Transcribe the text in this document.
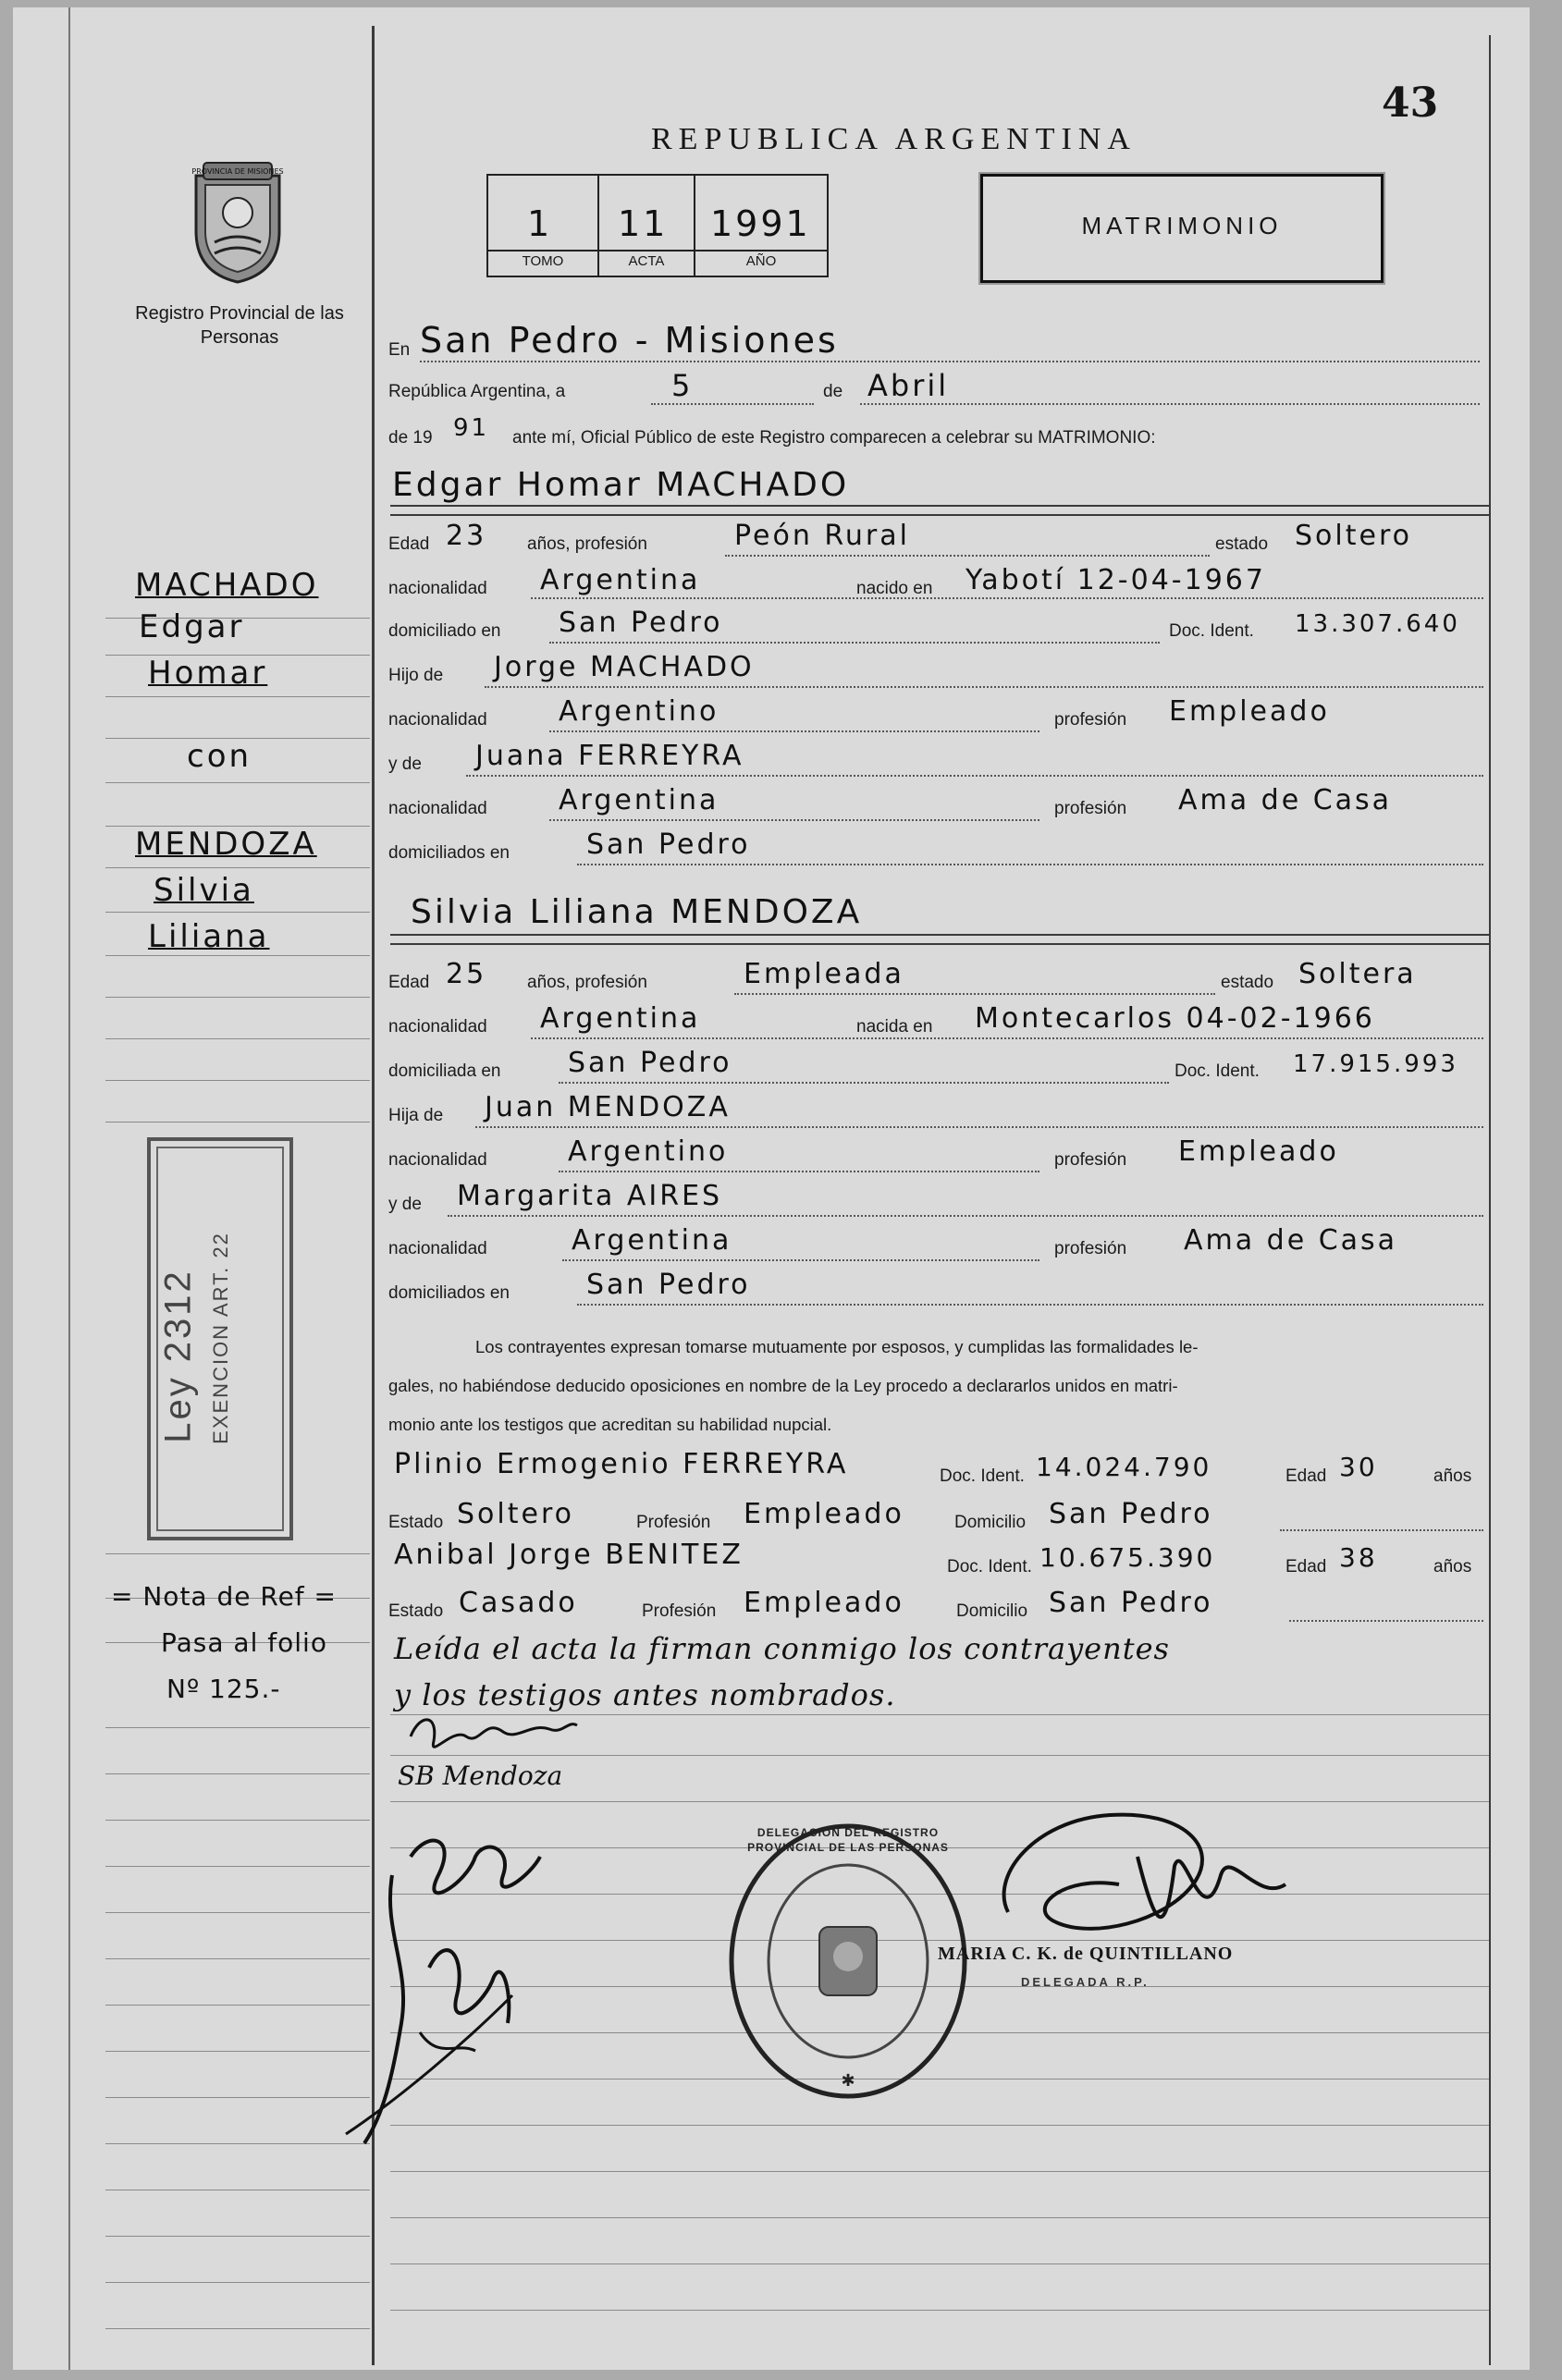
43
REPUBLICA ARGENTINA
1 11 1991
TOMO	ACTA	AÑO
MATRIMONIO
PROVINCIA DE MISIONES
Registro Provincial de las Personas
MACHADO
Edgar
Homar
con
MENDOZA
Silvia
Liliana
Ley 2312 EXENCION ART. 22
= Nota de Ref =
Pasa al folio
Nº 125.-
En San Pedro - Misiones
República Argentina, a	5	de Abril
de 19 91 ante mí, Oficial Público de este Registro comparecen a celebrar su MATRIMONIO:
Edgar Homar MACHADO
Edad 23 años, profesión	Peón Rural	estado Soltero
nacionalidad Argentina	nacido en Yabotí 12-04-1967
domiciliado en San Pedro	Doc. Ident. 13.307.640
Hijo de Jorge MACHADO
nacionalidad	Argentino	profesión Empleado
y de Juana FERREYRA
nacionalidad	Argentina	profesión Ama de Casa
domiciliados en	San Pedro
Silvia Liliana MENDOZA
Edad 25 años, profesión	Empleada	estado Soltera
nacionalidad Argentina	nacida en Montecarlos 04-02-1966
domiciliada en San Pedro	Doc. Ident. 17.915.993
Hija de Juan MENDOZA
nacionalidad	Argentino	profesión Empleado
y de Margarita AIRES
nacionalidad	Argentina	profesión Ama de Casa
domiciliados en	San Pedro
Los contrayentes expresan tomarse mutuamente por esposos, y cumplidas las formalidades le-
gales, no habiéndose deducido oposiciones en nombre de la Ley procedo a declararlos unidos en matri-
monio ante los testigos que acreditan su habilidad nupcial.
Plinio Ermogenio FERREYRA	Doc. Ident. 14.024.790	Edad 30	años
Estado Soltero	Profesión Empleado	Domicilio San Pedro
Anibal Jorge BENITEZ	Doc. Ident. 10.675.390	Edad 38	años
Estado Casado	Profesión Empleado	Domicilio San Pedro
Leída el acta la firman conmigo los contrayentes
y los testigos antes nombrados.
SB Mendoza
✱
DELEGACION DEL REGISTRO PROVINCIAL DE LAS PERSONAS
MARIA C. K. de QUINTILLANO
DELEGADA R.P.
